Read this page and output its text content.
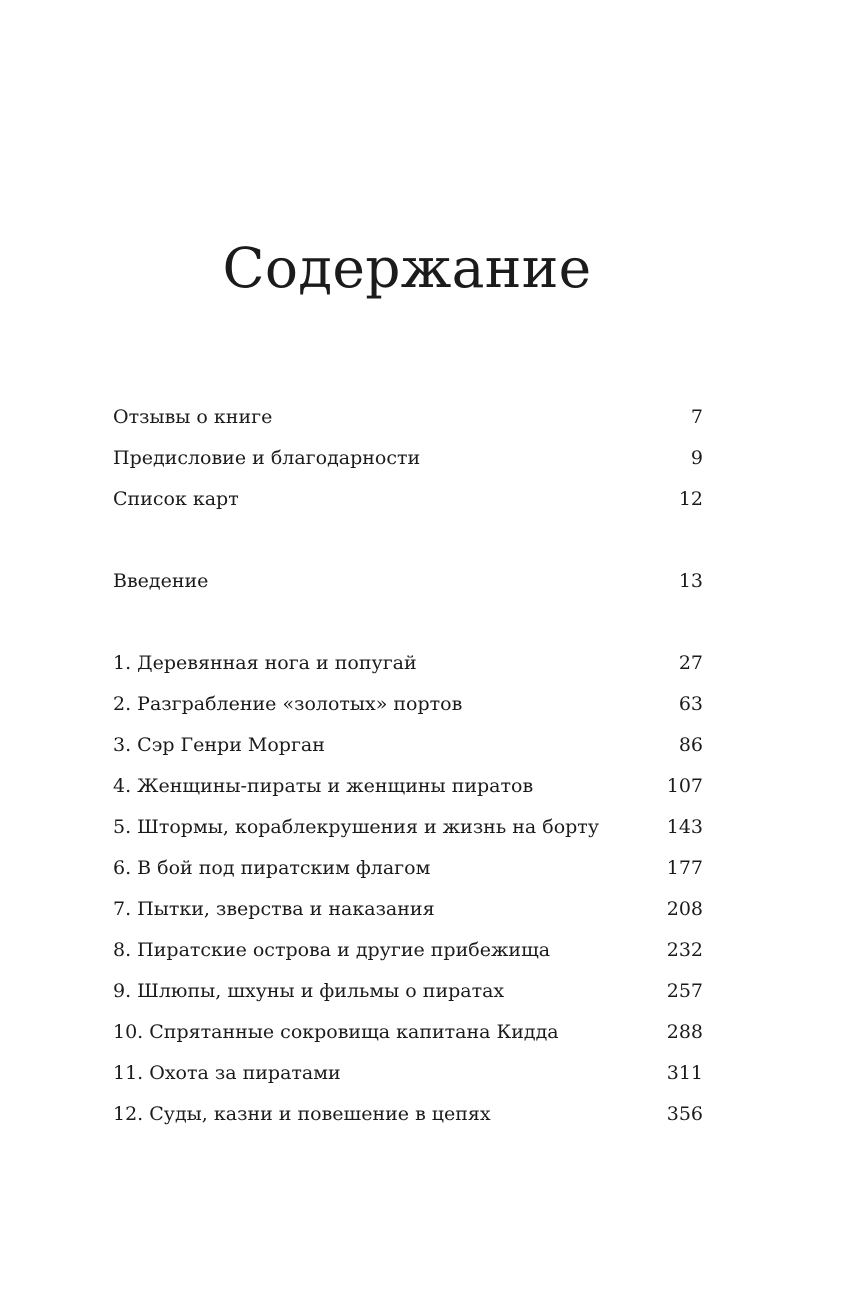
Содержание
Отзывы о книге	7
Предисловие и благодарности	9
Список карт	12
Введение	13
1. Деревянная нога и попугай	27
2. Разграбление «золотых» портов	63
3. Сэр Генри Морган	86
4. Женщины-пираты и женщины пиратов	107
5. Штормы, кораблекрушения и жизнь на борту	143
6. В бой под пиратским флагом	177
7. Пытки, зверства и наказания	208
8. Пиратские острова и другие прибежища	232
9. Шлюпы, шхуны и фильмы о пиратах	257
10. Спрятанные сокровища капитана Кидда	288
11. Охота за пиратами	311
12. Суды, казни и повешение в цепях	356
